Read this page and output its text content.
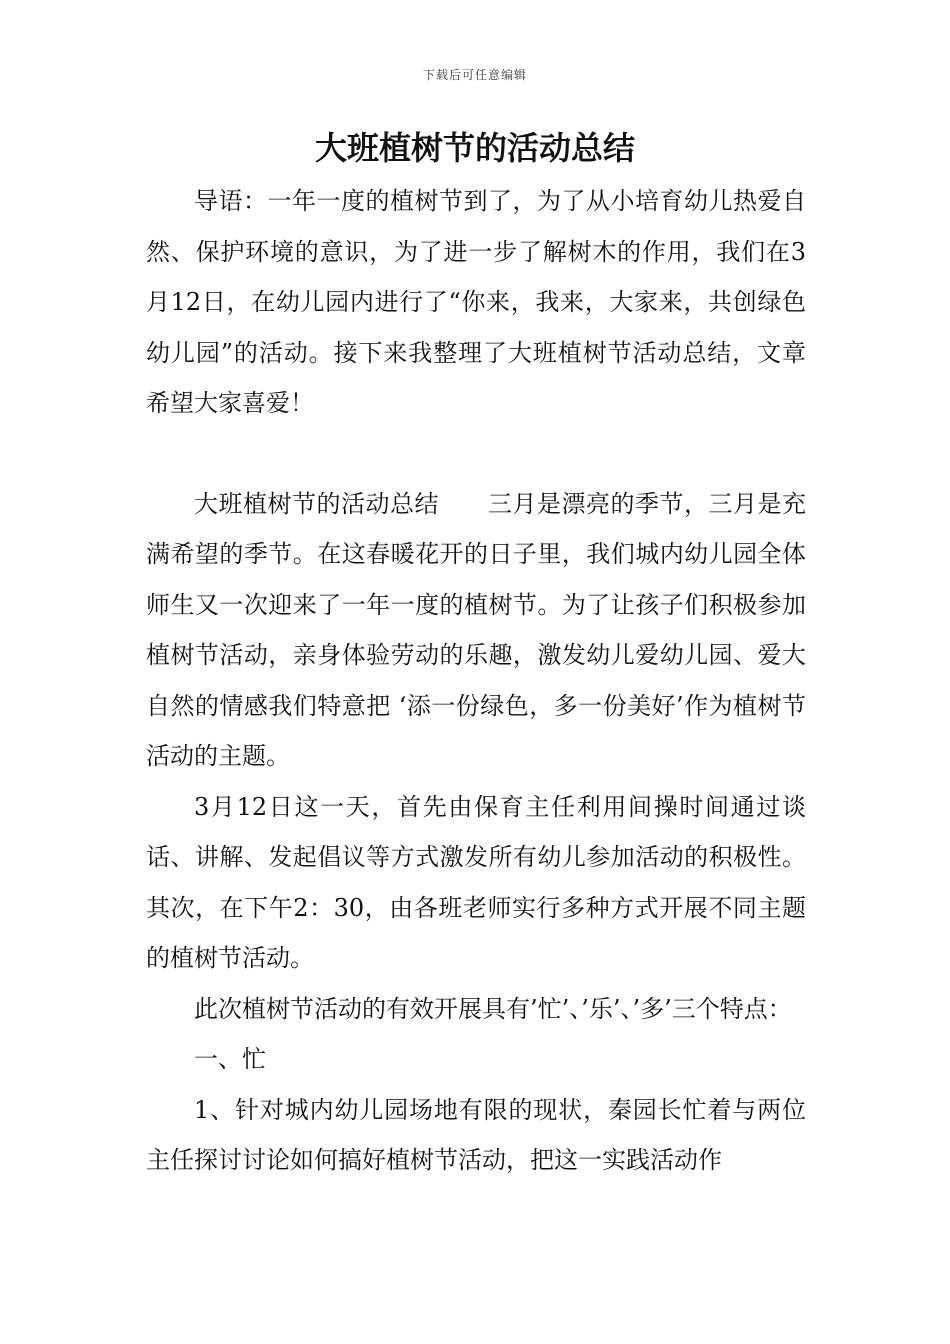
下载后可任意编辑
大班植树节的活动总结

导语：一年一度的植树节到了，为了从小培育幼儿热爱自然、保护环境的意识，为了进一步了解树木的作用，我们在3月12日，在幼儿园内进行了“你来，我来，大家来，共创绿色幼儿园”的活动。接下来我整理了大班植树节活动总结，文章希望大家喜爱！

大班植树节的活动总结　　三月是漂亮的季节，三月是充满希望的季节。在这春暖花开的日子里，我们城内幼儿园全体师生又一次迎来了一年一度的植树节。为了让孩子们积极参加植树节活动，亲身体验劳动的乐趣，激发幼儿爱幼儿园、爱大自然的情感我们特意把 ‘添一份绿色，多一份美好’作为植树节活动的主题。

3月12日这一天，首先由保育主任利用间操时间通过谈话、讲解、发起倡议等方式激发所有幼儿参加活动的积极性。其次，在下午2：30，由各班老师实行多种方式开展不同主题的植树节活动。

此次植树节活动的有效开展具有’忙’、’乐’、’多’三个特点：

一、忙

1、针对城内幼儿园场地有限的现状，秦园长忙着与两位主任探讨讨论如何搞好植树节活动，把这一实践活动作
